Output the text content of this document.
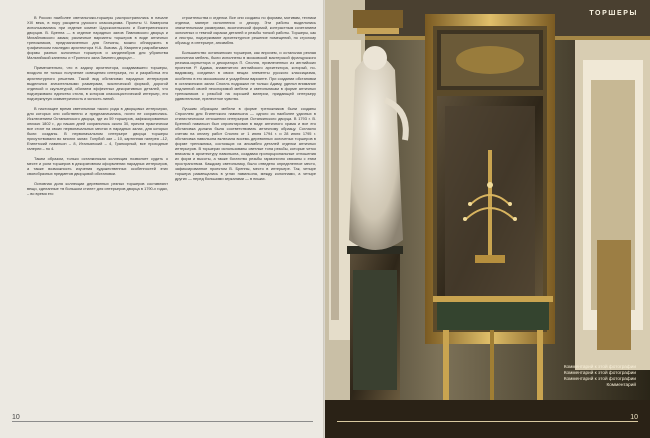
В России наиболее светильники-торшеры распространились в начале XIX века, в пору расцвета русского классицизма. Проекты Ч. Камерона использовались при отделке комнат Царскосельского и Екатерининского дворцов. В. Бренна — в отделке парадных залов Павловского дворца и Михайловского замка; различные варианты торшеров в виде античных треножников, предназначенных для Гатчины, можно обнаружить в графическом наследии архитектора Н.А. Львова. Д. Кваренги разрабатывал формы разных золоченых торшеров и канделябров для убранства Мальтийской капеллы и «Тронного зала Зимнего дворца»...

Примечательно, что в задачу архитектора, создававшего торшеры, входило не только получение освещения интерьера, но и разработка его архитектурного решения. Такой вид обстановки парадных интерьеров выделялся значительными размерами, экзотической формой, дорогой отделкой и скульптурой, обилием эффектных декоративных деталей, что подчеркивало единство стиля, в котором классицистический интерьер, его подчеркнутую симметричность и ясность линий.

В настоящее время светильники такого рода в дворцовых интерьерах, для которых они собственно и предназначались, почти не сохранились. Исключением Останкинского дворца, где из 59 торшеров, зафиксированных описью 1802 г., до наших дней сохранилось около 30, причем практически все стоят на своих первоначальных местах в парадных залах, для которых были созданы. В первоначальном интерьере дворца торшеры присутствовали во многих залах: Голубой зал – 10, картинная галерея –12, Египетский павильон – 8, Итальянский – 4, Гранкорный, все проходные галереи – по 4.

Таким образом, только останкинская коллекция позволяет судить о месте и роли торшеров в декоративном оформлении парадных интерьеров, а также возможность изучения художественных особенностей этих своеобразных предметов дворцовой обстановки.

Основная доля коллекции деревянных резных торшеров составляют вещи, сделанные «в большом стиле» для интерьеров дворца в 1790-х годах, – во время его

строительства и отделки. Все они созданы по формам, мотивам, техники отделки, манере исполнения и декору. Эти работы выделялись значительными размерами, экзотической формой, контрастным сочетанием золоченых и темной окраски деталей и резьбы тонкой работы. Торшеры, как и люстры, подчеркивают архитектурное решение помещений, по строгому образцу, в интерьере, ансамбля.

Большинство останкинских торшеров, как впрочем, и остальная резная золоченая мебель, были исполнены в московской мастерской французского резчика-скульптора и декоратора П. Сполля, привлеченных из английских проектов Р. Адама, знаменитого английского архитектора, который, по-видимому, соединил в своих вещах элементы русского классицизма, особенно в его московском и усадебном варианте. При создании обстановки в останкинских залах Сполль подражал не только Адаму, уделял внимание подлинной своей неоспоримой мебели и светильникам в форме античных треножников с резьбой на хорошей материи, придающей интерьеру удивительное, прелестное чувство.

Лучшим образцом мебели в форме треножников были созданы Спроллем для Египетского павильона — одного из наиболее удачных в стилистическом отношении интерьеров Останкинского дворца. В 1793 г. В. Бренной павильон был спроектирован в виде античного храма и все его обстановка должна была соответствовать античному образцу. Согласно счетам на оплату работ Сполля от 1 июня 1794 г. и 28 июля 1795 г. обстановка павильона включала восемь деревянных золоченых торшеров в форме треножника, состоящих из ансамбля деталей отделки античных интерьеров. В торшерах использованы светлые тона резьбы, которые четко вписаны в архитектуру павильона, создавая пропорциональные отношения их форм и высоты, а также богатство резьбы гармонично связаны с этим пространством. Каждому светильнику, было отведено определенное место, зафиксированное проектом В. Бренны, место в интерьере. Так, четыре торшера размещались в углах павильона, между колоннами, а четыре других — перед большими зеркалами — в нишах.

10
ТОРШЕРЫ
Комментарий к этой фотографии Комментарий к этой фотографии Комментарий к этой фотографии Комментарий
10
